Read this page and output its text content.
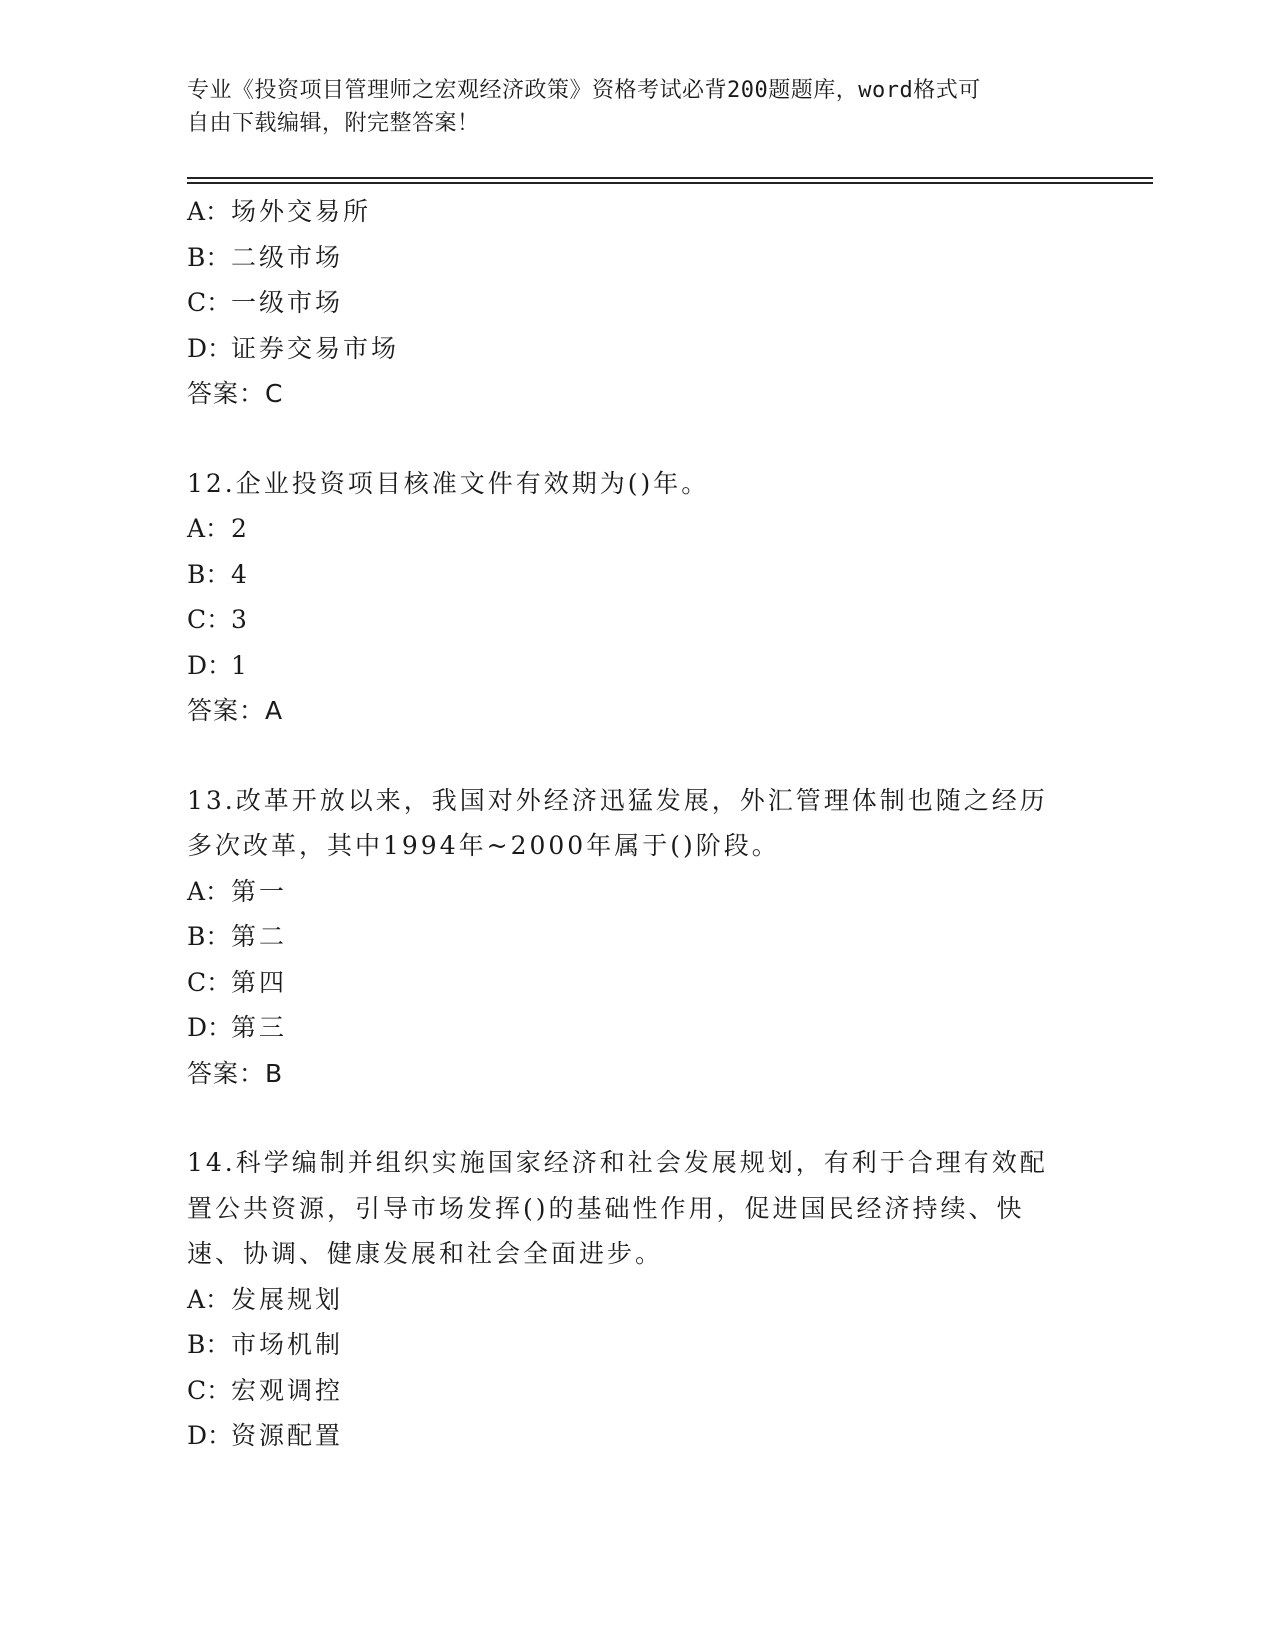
专业《投资项目管理师之宏观经济政策》资格考试必背200题题库，word格式可
自由下载编辑，附完整答案！
A：场外交易所
B：二级市场
C：一级市场
D：证券交易市场
答案：C
12.企业投资项目核准文件有效期为()年。
A：2
B：4
C：3
D：1
答案：A
13.改革开放以来，我国对外经济迅猛发展，外汇管理体制也随之经历
多次改革，其中1994年~2000年属于()阶段。
A：第一
B：第二
C：第四
D：第三
答案：B
14.科学编制并组织实施国家经济和社会发展规划，有利于合理有效配
置公共资源，引导市场发挥()的基础性作用，促进国民经济持续、快
速、协调、健康发展和社会全面进步。
A：发展规划
B：市场机制
C：宏观调控
D：资源配置
